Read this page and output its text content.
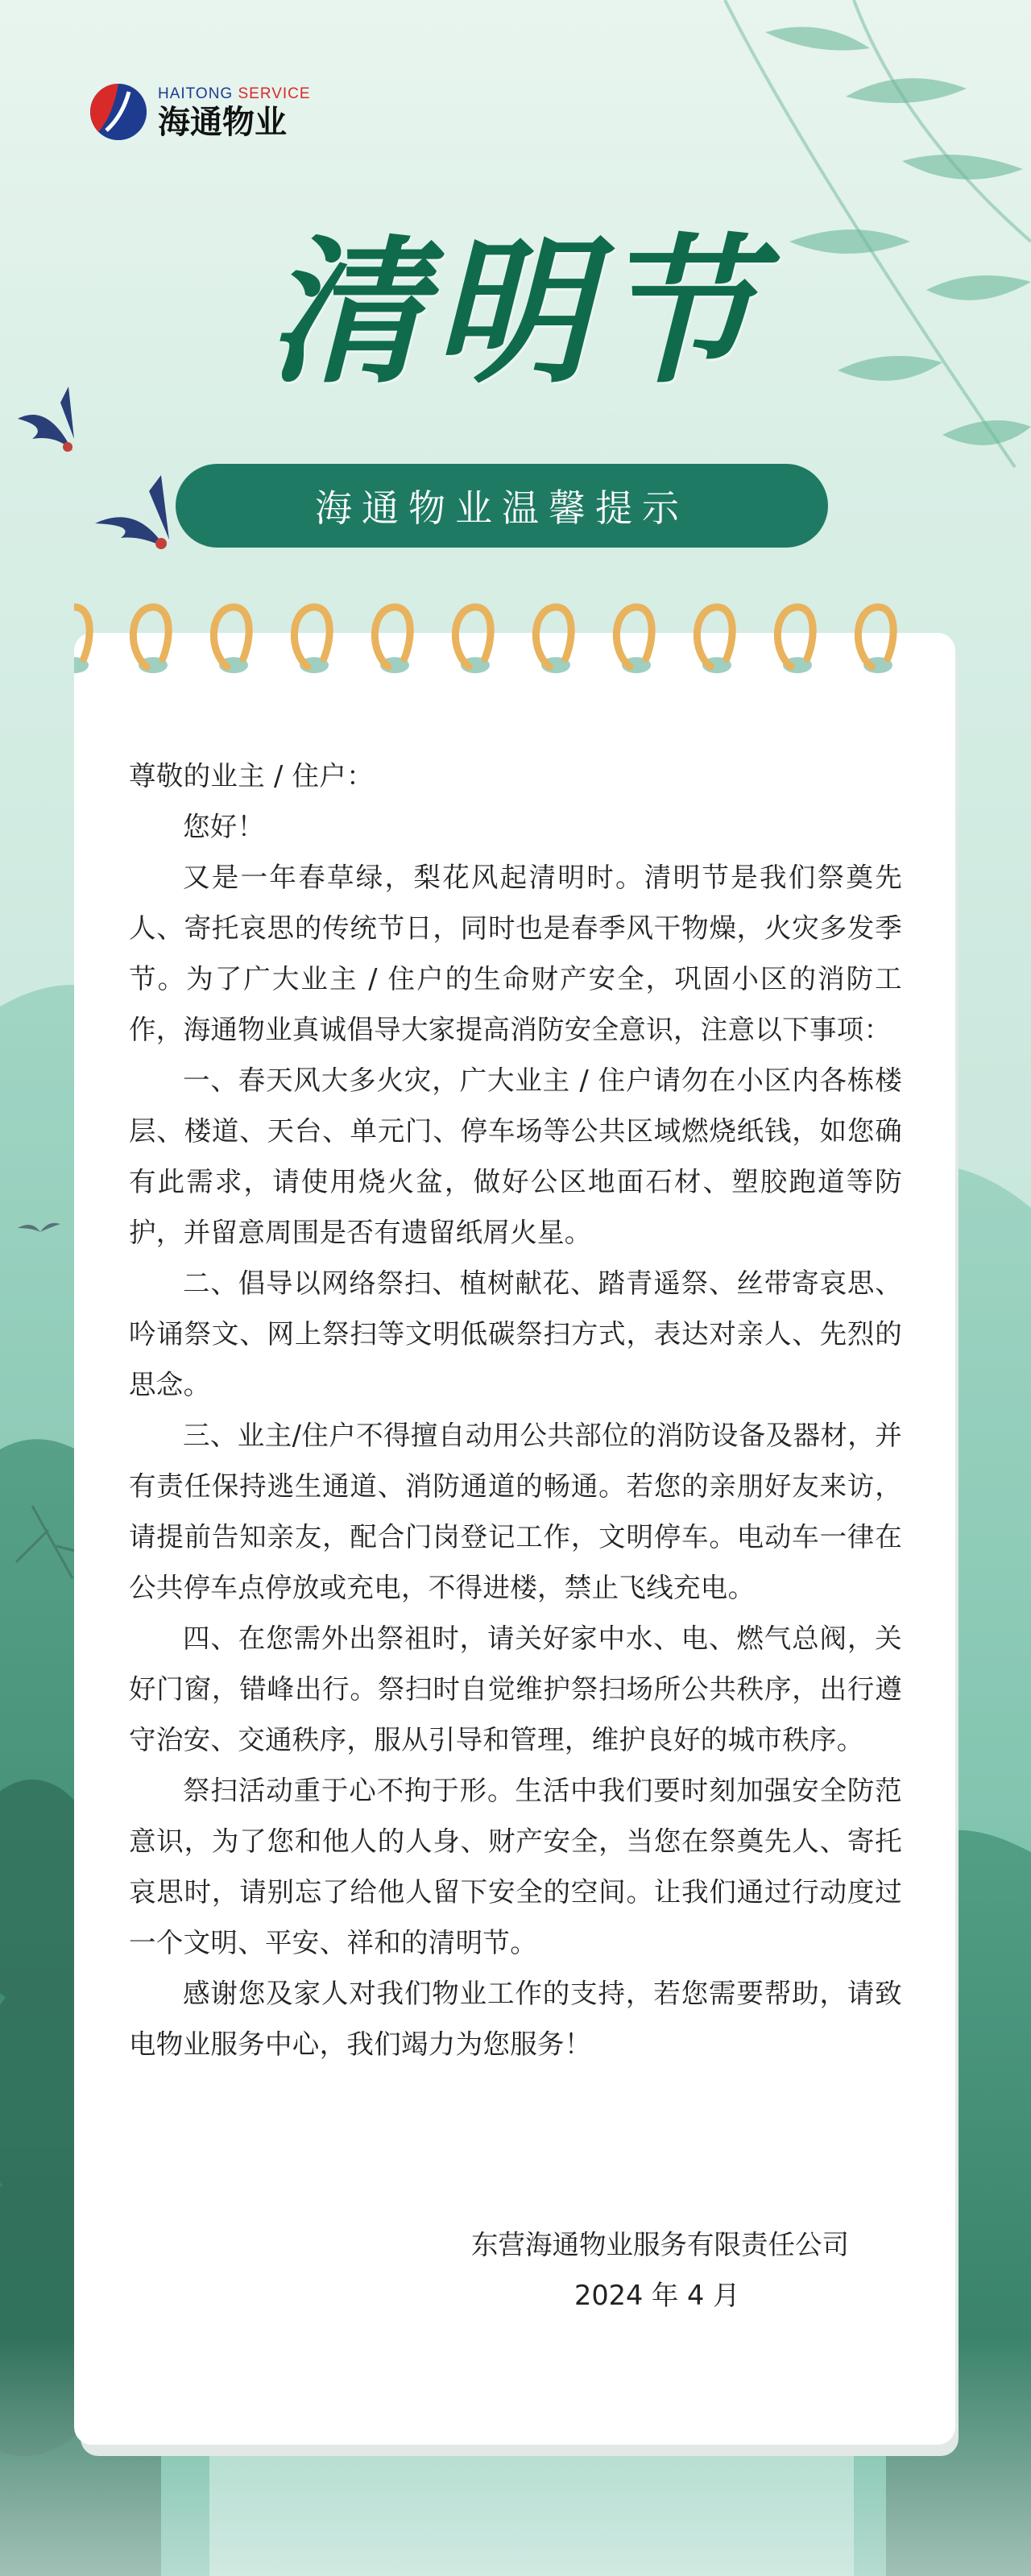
HAITONG SERVICE
海通物业
清明节
海通物业温馨提示

尊敬的业主 / 住户：

您好！

又是一年春草绿，梨花风起清明时。清明节是我们祭奠先人、寄托哀思的传统节日，同时也是春季风干物燥，火灾多发季节。为了广大业主 / 住户的生命财产安全，巩固小区的消防工作，海通物业真诚倡导大家提高消防安全意识，注意以下事项：

一、春天风大多火灾，广大业主 / 住户请勿在小区内各栋楼层、楼道、天台、单元门、停车场等公共区域燃烧纸钱，如您确有此需求，请使用烧火盆，做好公区地面石材、塑胶跑道等防护，并留意周围是否有遗留纸屑火星。

二、倡导以网络祭扫、植树献花、踏青遥祭、丝带寄哀思、吟诵祭文、网上祭扫等文明低碳祭扫方式，表达对亲人、先烈的思念。

三、业主/住户不得擅自动用公共部位的消防设备及器材，并有责任保持逃生通道、消防通道的畅通。若您的亲朋好友来访，请提前告知亲友，配合门岗登记工作，文明停车。电动车一律在公共停车点停放或充电，不得进楼，禁止飞线充电。

四、在您需外出祭祖时，请关好家中水、电、燃气总阀，关好门窗，错峰出行。祭扫时自觉维护祭扫场所公共秩序，出行遵守治安、交通秩序，服从引导和管理，维护良好的城市秩序。

祭扫活动重于心不拘于形。生活中我们要时刻加强安全防范意识，为了您和他人的人身、财产安全，当您在祭奠先人、寄托哀思时，请别忘了给他人留下安全的空间。让我们通过行动度过一个文明、平安、祥和的清明节。

感谢您及家人对我们物业工作的支持，若您需要帮助，请致电物业服务中心，我们竭力为您服务！

东营海通物业服务有限责任公司

2024 年 4 月
